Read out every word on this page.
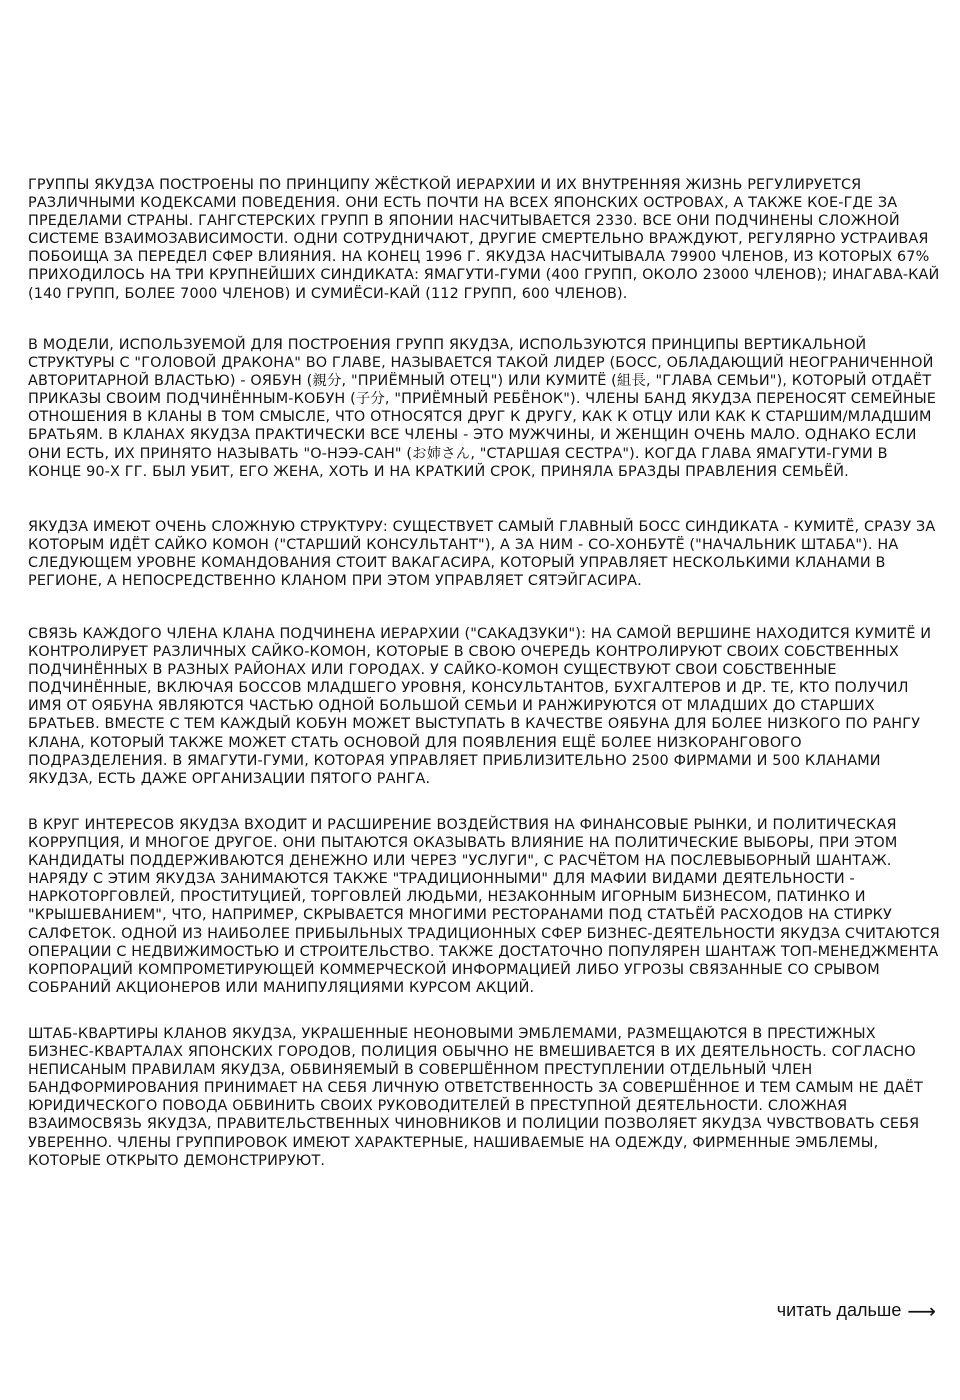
ГРУППЫ ЯКУДЗА ПОСТРОЕНЫ ПО ПРИНЦИПУ ЖЁСТКОЙ ИЕРАРХИИ И ИХ ВНУТРЕННЯЯ ЖИЗНЬ РЕГУЛИРУЕТСЯ РАЗЛИЧНЫМИ КОДЕКСАМИ ПОВЕДЕНИЯ. ОНИ ЕСТЬ ПОЧТИ НА ВСЕХ ЯПОНСКИХ ОСТРОВАХ, А ТАКЖЕ КОЕ-ГДЕ ЗА ПРЕДЕЛАМИ СТРАНЫ. ГАНГСТЕРСКИХ ГРУПП В ЯПОНИИ НАСЧИТЫВАЕТСЯ 2330. ВСЕ ОНИ ПОДЧИНЕНЫ СЛОЖНОЙ СИСТЕМЕ ВЗАИМОЗАВИСИМОСТИ. ОДНИ СОТРУДНИЧАЮТ, ДРУГИЕ СМЕРТЕЛЬНО ВРАЖДУЮТ, РЕГУЛЯРНО УСТРАИВАЯ ПОБОИЩА ЗА ПЕРЕДЕЛ СФЕР ВЛИЯНИЯ. НА КОНЕЦ 1996 Г. ЯКУДЗА НАСЧИТЫВАЛА 79900 ЧЛЕНОВ, ИЗ КОТОРЫХ 67% ПРИХОДИЛОСЬ НА ТРИ КРУПНЕЙШИХ СИНДИКАТА: ЯМАГУТИ-ГУМИ (400 ГРУПП, ОКОЛО 23000 ЧЛЕНОВ); ИНАГАВА-КАЙ (140 ГРУПП, БОЛЕЕ 7000 ЧЛЕНОВ) И СУМИЁСИ-КАЙ (112 ГРУПП, 600 ЧЛЕНОВ).

В МОДЕЛИ, ИСПОЛЬЗУЕМОЙ ДЛЯ ПОСТРОЕНИЯ ГРУПП ЯКУДЗА, ИСПОЛЬЗУЮТСЯ ПРИНЦИПЫ ВЕРТИКАЛЬНОЙ СТРУКТУРЫ С "ГОЛОВОЙ ДРАКОНА" ВО ГЛАВЕ, НАЗЫВАЕТСЯ ТАКОЙ ЛИДЕР (БОСС, ОБЛАДАЮЩИЙ НЕОГРАНИЧЕННОЙ АВТОРИТАРНОЙ ВЛАСТЬЮ) - ОЯБУН (親分, "ПРИЁМНЫЙ ОТЕЦ") ИЛИ КУМИТЁ (組長, "ГЛАВА СЕМЬИ"), КОТОРЫЙ ОТДАЁТ ПРИКАЗЫ СВОИМ ПОДЧИНЁННЫМ-КОБУН (子分, "ПРИЁМНЫЙ РЕБЁНОК"). ЧЛЕНЫ БАНД ЯКУДЗА ПЕРЕНОСЯТ СЕМЕЙНЫЕ ОТНОШЕНИЯ В КЛАНЫ В ТОМ СМЫСЛЕ, ЧТО ОТНОСЯТСЯ ДРУГ К ДРУГУ, КАК К ОТЦУ ИЛИ КАК К СТАРШИМ/МЛАДШИМ БРАТЬЯМ. В КЛАНАХ ЯКУДЗА ПРАКТИЧЕСКИ ВСЕ ЧЛЕНЫ - ЭТО МУЖЧИНЫ, И ЖЕНЩИН ОЧЕНЬ МАЛО. ОДНАКО ЕСЛИ ОНИ ЕСТЬ, ИХ ПРИНЯТО НАЗЫВАТЬ "О-НЭЭ-САН" (お姉さん, "СТАРШАЯ СЕСТРА"). КОГДА ГЛАВА ЯМАГУТИ-ГУМИ В КОНЦЕ 90-Х ГГ. БЫЛ УБИТ, ЕГО ЖЕНА, ХОТЬ И НА КРАТКИЙ СРОК, ПРИНЯЛА БРАЗДЫ ПРАВЛЕНИЯ СЕМЬЁЙ.

ЯКУДЗА ИМЕЮТ ОЧЕНЬ СЛОЖНУЮ СТРУКТУРУ: СУЩЕСТВУЕТ САМЫЙ ГЛАВНЫЙ БОСС СИНДИКАТА - КУМИТЁ, СРАЗУ ЗА КОТОРЫМ ИДЁТ САЙКО КОМОН ("СТАРШИЙ КОНСУЛЬТАНТ"), А ЗА НИМ - СО-ХОНБУТЁ ("НАЧАЛЬНИК ШТАБА"). НА СЛЕДУЮЩЕМ УРОВНЕ КОМАНДОВАНИЯ СТОИТ ВАКАГАСИРА, КОТОРЫЙ УПРАВЛЯЕТ НЕСКОЛЬКИМИ КЛАНАМИ В РЕГИОНЕ, А НЕПОСРЕДСТВЕННО КЛАНОМ ПРИ ЭТОМ УПРАВЛЯЕТ СЯТЭЙГАСИРА.

СВЯЗЬ КАЖДОГО ЧЛЕНА КЛАНА ПОДЧИНЕНА ИЕРАРХИИ ("САКАДЗУКИ"): НА САМОЙ ВЕРШИНЕ НАХОДИТСЯ КУМИТЁ И КОНТРОЛИРУЕТ РАЗЛИЧНЫХ САЙКО-КОМОН, КОТОРЫЕ В СВОЮ ОЧЕРЕДЬ КОНТРОЛИРУЮТ СВОИХ СОБСТВЕННЫХ ПОДЧИНЁННЫХ В РАЗНЫХ РАЙОНАХ ИЛИ ГОРОДАХ. У САЙКО-КОМОН СУЩЕСТВУЮТ СВОИ СОБСТВЕННЫЕ ПОДЧИНЁННЫЕ, ВКЛЮЧАЯ БОССОВ МЛАДШЕГО УРОВНЯ, КОНСУЛЬТАНТОВ, БУХГАЛТЕРОВ И ДР. ТЕ, КТО ПОЛУЧИЛ ИМЯ ОТ ОЯБУНА ЯВЛЯЮТСЯ ЧАСТЬЮ ОДНОЙ БОЛЬШОЙ СЕМЬИ И РАНЖИРУЮТСЯ ОТ МЛАДШИХ ДО СТАРШИХ БРАТЬЕВ. ВМЕСТЕ С ТЕМ КАЖДЫЙ КОБУН МОЖЕТ ВЫСТУПАТЬ В КАЧЕСТВЕ ОЯБУНА ДЛЯ БОЛЕЕ НИЗКОГО ПО РАНГУ КЛАНА, КОТОРЫЙ ТАКЖЕ МОЖЕТ СТАТЬ ОСНОВОЙ ДЛЯ ПОЯВЛЕНИЯ ЕЩЁ БОЛЕЕ НИЗКОРАНГОВОГО ПОДРАЗДЕЛЕНИЯ. В ЯМАГУТИ-ГУМИ, КОТОРАЯ УПРАВЛЯЕТ ПРИБЛИЗИТЕЛЬНО 2500 ФИРМАМИ И 500 КЛАНАМИ ЯКУДЗА, ЕСТЬ ДАЖЕ ОРГАНИЗАЦИИ ПЯТОГО РАНГА.

В КРУГ ИНТЕРЕСОВ ЯКУДЗА ВХОДИТ И РАСШИРЕНИЕ ВОЗДЕЙСТВИЯ НА ФИНАНСОВЫЕ РЫНКИ, И ПОЛИТИЧЕСКАЯ КОРРУПЦИЯ, И МНОГОЕ ДРУГОЕ. ОНИ ПЫТАЮТСЯ ОКАЗЫВАТЬ ВЛИЯНИЕ НА ПОЛИТИЧЕСКИЕ ВЫБОРЫ, ПРИ ЭТОМ КАНДИДАТЫ ПОДДЕРЖИВАЮТСЯ ДЕНЕЖНО ИЛИ ЧЕРЕЗ "УСЛУГИ", С РАСЧЁТОМ НА ПОСЛЕВЫБОРНЫЙ ШАНТАЖ. НАРЯДУ С ЭТИМ ЯКУДЗА ЗАНИМАЮТСЯ ТАКЖЕ "ТРАДИЦИОННЫМИ" ДЛЯ МАФИИ ВИДАМИ ДЕЯТЕЛЬНОСТИ - НАРКОТОРГОВЛЕЙ, ПРОСТИТУЦИЕЙ, ТОРГОВЛЕЙ ЛЮДЬМИ, НЕЗАКОННЫМ ИГОРНЫМ БИЗНЕСОМ, ПАТИНКО И "КРЫШЕВАНИЕМ", ЧТО, НАПРИМЕР, СКРЫВАЕТСЯ МНОГИМИ РЕСТОРАНАМИ ПОД СТАТЬЁЙ РАСХОДОВ НА СТИРКУ САЛФЕТОК. ОДНОЙ ИЗ НАИБОЛЕЕ ПРИБЫЛЬНЫХ ТРАДИЦИОННЫХ СФЕР БИЗНЕС-ДЕЯТЕЛЬНОСТИ ЯКУДЗА СЧИТАЮТСЯ ОПЕРАЦИИ С НЕДВИЖИМОСТЬЮ И СТРОИТЕЛЬСТВО. ТАКЖЕ ДОСТАТОЧНО ПОПУЛЯРЕН ШАНТАЖ ТОП-МЕНЕДЖМЕНТА КОРПОРАЦИЙ КОМПРОМЕТИРУЮЩЕЙ КОММЕРЧЕСКОЙ ИНФОРМАЦИЕЙ ЛИБО УГРОЗЫ СВЯЗАННЫЕ СО СРЫВОМ СОБРАНИЙ АКЦИОНЕРОВ ИЛИ МАНИПУЛЯЦИЯМИ КУРСОМ АКЦИЙ.

ШТАБ-КВАРТИРЫ КЛАНОВ ЯКУДЗА, УКРАШЕННЫЕ НЕОНОВЫМИ ЭМБЛЕМАМИ, РАЗМЕЩАЮТСЯ В ПРЕСТИЖНЫХ БИЗНЕС-КВАРТАЛАХ ЯПОНСКИХ ГОРОДОВ, ПОЛИЦИЯ ОБЫЧНО НЕ ВМЕШИВАЕТСЯ В ИХ ДЕЯТЕЛЬНОСТЬ. СОГЛАСНО НЕПИСАНЫМ ПРАВИЛАМ ЯКУДЗА, ОБВИНЯЕМЫЙ В СОВЕРШЁННОМ ПРЕСТУПЛЕНИИ ОТДЕЛЬНЫЙ ЧЛЕН БАНДФОРМИРОВАНИЯ ПРИНИМАЕТ НА СЕБЯ ЛИЧНУЮ ОТВЕТСТВЕННОСТЬ ЗА СОВЕРШЁННОЕ И ТЕМ САМЫМ НЕ ДАЁТ ЮРИДИЧЕСКОГО ПОВОДА ОБВИНИТЬ СВОИХ РУКОВОДИТЕЛЕЙ В ПРЕСТУПНОЙ ДЕЯТЕЛЬНОСТИ. СЛОЖНАЯ ВЗАИМОСВЯЗЬ ЯКУДЗА, ПРАВИТЕЛЬСТВЕННЫХ ЧИНОВНИКОВ И ПОЛИЦИИ ПОЗВОЛЯЕТ ЯКУДЗА ЧУВСТВОВАТЬ СЕБЯ УВЕРЕННО. ЧЛЕНЫ ГРУППИРОВОК ИМЕЮТ ХАРАКТЕРНЫЕ, НАШИВАЕМЫЕ НА ОДЕЖДУ, ФИРМЕННЫЕ ЭМБЛЕМЫ, КОТОРЫЕ ОТКРЫТО ДЕМОНСТРИРУЮТ.

читать дальше ⟶
